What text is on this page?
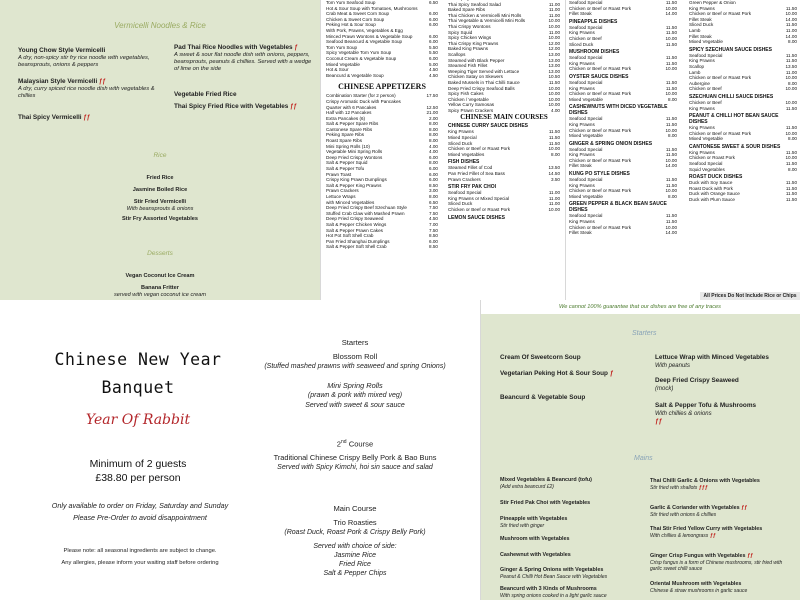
Vermicelli Noodles & Rice
Young Chow Style Vermicelli
A dry, non-spicy stir fry rice noodle with vegetables, beansprouts, onions & peppers
Malaysian Style Vermicelli ƒƒ
A dry, curry spiced rice noodle dish with vegetables & chillies
Thai Spicy Vermicelli ƒƒ
Pad Thai Rice Noodles with Vegetables ƒ
A sweet & sour flat noodle dish with onions, peppers, beansprouts, peanuts & chillies. Served with a wedge of lime on the side
Vegetable Fried Rice
Thai Spicy Fried Rice with Vegetables ƒƒ
Rice
Fried Rice
Jasmine Boiled Rice
Stir Fried Vermicelli
With beansprouts & onions
Stir Fry Assorted Vegetables
Desserts
Vegan Coconut Ice Cream
Banana Fritter
served with vegan coconut ice cream
Tom Yum Seafood Soup	6.50
Hot & Sour Soup with Tomatoes, Mushrooms
Crab Meat & Sweet Corn Soup	6.00
Chicken & Sweet Corn Soup	6.00
Peking Hot & Sour Soup	6.00
With Pork, Prawns, Vegetables & Egg
Minced Prawn Wontons & Vegetable Soup	6.00
Seafood Beancurd & Vegetable Soup	6.00
Tom Yum Soup	5.50
Spicy Vegetable Tom Yum Soup	5.50
Coconut Cream & Vegetable Soup	6.00
Mixed Vegetable	5.00
Hot & Sour	4.50
Beancurd & Vegetable Soup	4.50
CHINESE APPETIZERS
Combination Starter (for 2 person)	17.50
Crispy Aromatic Duck with Pancakes
Quarter with 6 Pancakes	12.50
Half with 12 Pancakes	21.00
Extra Pancakes (6)	2.00
Salt & Pepper Spare Ribs	8.00
Cantonese Spare Ribs	8.00
Peking Spare Ribs	8.00
Roast Spare Ribs	8.00
Mini Spring Rolls (10)	4.00
Vegetable Mini Spring Rolls	4.00
Deep Fried Crispy Wontons	6.00
Salt & Pepper Squid	8.00
Salt & Pepper Tofu	6.00
Prawn Toast	6.00
Crispy King Prawn Dumplings	6.00
Salt & Pepper King Prawns	8.50
Prawn Crackers	3.00
Lettuce Wraps	8.00
with Minced Vegetables	6.50
Deep Fried Crispy Beef Szechuan Style	7.50
Stuffed Crab Claw with Mashed Prawn	7.50
Deep Fried Crispy Seaweed	4.50
Salt & Pepper Chicken Wings	7.00
Salt & Pepper Prawn Cakes	7.50
Hot Pot Soft Shell Crab	8.50
Pan Fried Shanghai Dumplings	6.00
Salt & Pepper Soft Shell Crab	8.50
Thai Spicy Seafood Salad	11.00
Baked Spare Ribs	11.00
Thai Chicken & Vermicelli Mini Rolls	11.00
Thai Vegetable & Vermicelli Mini Rolls	10.00
Thai Crispy Wontons	10.00
Spicy Squid	11.00
Spicy Chicken Wings	10.00
Thai Crispy King Prawns	12.00
Baked King Prawns	12.00
Scallops	13.00
Steamed with Black Pepper	13.00
Steamed Fish Fillet	13.00
Weeping Tiger Served with Lettuce	13.00
Chicken Satay on Skewers	10.50
Baked Mussels in Thai Chilli Sauce	11.50
Deep Fried Crispy Seafood Balls	10.00
Spicy Fish Cakes	10.00
Chicken / Vegetable	10.00
Yellow Curry Samosas	10.00
Spicy Prawn Crackers	4.00
CHINESE MAIN COURSES
CHINESE CURRY SAUCE DISHES
King Prawns	11.50
Mixed Special	11.50
Sliced Duck	11.50
Chicken or Beef or Roast Pork	10.00
Mixed Vegetables	8.00
FISH DISHES
Steamed Fillet of Cod	13.50
Pan Fried Fillet of Sea Bass	14.50
Prawn Crackers	3.50
STIR FRY PAK CHOI
Seafood Special	11.00
King Prawns or Mixed Special	11.00
Sliced Duck	11.00
Chicken or Beef or Roast Pork	10.00
LEMON SAUCE DISHES
Seafood Special	11.50
Chicken or Beef or Roast Pork	10.00
Fillet Steak	14.00
PINEAPPLE DISHES
Seafood Special	11.50
King Prawns	11.50
Chicken or Beef	10.00
Sliced Duck	11.50
MUSHROOM DISHES
Seafood Special	11.50
King Prawns	11.50
Chicken or Beef or Roast Pork	10.00
OYSTER SAUCE DISHES
Seafood Special	11.50
King Prawns	11.50
Chicken or Beef or Roast Pork	10.00
Mixed Vegetable	8.00
CASHEWNUTS WITH DICED VEGETABLE DISHES
Seafood Special	11.50
King Prawns	11.50
Chicken or Beef or Roast Pork	10.00
Mixed Vegetable	8.00
GINGER & SPRING ONION DISHES
Seafood Special	11.50
King Prawns	11.50
Chicken or Beef or Roast Pork	10.00
Fillet Steak	14.00
KUNG PO STYLE DISHES
Seafood Special	11.50
King Prawns	11.50
Chicken or Beef or Roast Pork	10.00
Mixed Vegetable	8.00
GREEN PEPPER & BLACK BEAN SAUCE DISHES
Seafood Special	11.50
King Prawns	11.50
Chicken or Beef or Roast Pork	10.00
Fillet Steak	14.00
Green Pepper & Onion
King Prawns	11.50
Chicken or Beef or Roast Pork	10.00
Fillet Steak	14.00
Sliced Duck	11.50
Lamb	11.00
Fillet Steak	14.00
Mixed Vegetable	8.00
SPICY SZECHUAN SAUCE DISHES
Seafood Special	11.50
King Prawns	11.50
Scallop	13.50
Lamb	11.00
Chicken or Beef or Roast Pork	10.00
Aubergine	8.00
Chicken or Beef	10.00
SZECHUAN CHILLI SAUCE DISHES
Chicken or Beef	10.00
King Prawns	11.50
PEANUT & CHILLI HOT BEAN SAUCE DISHES
King Prawns	11.50
Chicken or Beef or Roast Pork	10.00
Mixed Vegetable	8.00
CANTONESE SWEET & SOUR DISHES
King Prawns	11.50
Chicken or Roast Pork	10.00
Seafood Special	11.50
Squid Vegetables	8.00
ROAST DUCK DISHES
Duck with Soy Sauce	11.50
Roast Duck with Pork	11.50
Duck with Orange Sauce	11.50
Duck with Plum Sauce	11.50
All Prices Do Not Include Rice or Chips
Chinese New Year
Banquet
Year Of Rabbit
Minimum of 2 guests
£38.80 per person
Only available to order on Friday, Saturday and Sunday
Please Pre-Order to avoid disappointment
Please note: all seasonal ingredients are subject to change.
Any allergies, please inform your waiting staff before ordering
Starters
Blossom Roll
(Stuffed mashed prawns with seaweed and spring Onions)
Mini Spring Rolls
(prawn & pork with mixed veg)
Served with sweet & sour sauce
2nd Course
Traditional Chinese Crispy Belly Pork & Bao Buns
Served with Spicy Kimchi, hoi sin sauce and salad
Main Course
Trio Roasties
(Roast Duck, Roast Pork & Crispy Belly Pork)
Served with choice of side:
Jasmine Rice
Fried Rice
Salt & Pepper Chips
We cannot 100% guarantee that our dishes are free of any traces
Starters
Cream Of Sweetcorn Soup
Vegetarian Peking Hot & Sour Soup ƒ
Beancurd & Vegetable Soup
Lettuce Wrap with Minced Vegetables
With peanuts
Deep Fried Crispy Seaweed
(mock)
Salt & Pepper Tofu & Mushrooms
With chillies & onions
ƒƒ
Mains
Mixed Vegetables & Beancurd (tofu)
(Add extra beancurd £2)
Stir Fried Pak Choi with Vegetables
Pineapple with Vegetables
Stir fried with ginger
Mushroom with Vegetables
Cashewnut with Vegetables
Ginger & Spring Onions with Vegetables
Peanut & Chilli Hot Bean Sauce with Vegetables
Beancurd with 3 Kinds of Mushrooms
With spring onions cooked in a light garlic sauce
Thai Chilli Garlic & Onions with Vegetables
Stir fried with shallots ƒƒƒ
Garlic & Coriander with Vegetables ƒƒ
Stir fried with onions & chillies
Thai Stir Fried Yellow Curry with Vegetables
With chillies & lemongrass ƒƒ
Ginger Crisp Fungus with Vegetables ƒƒ
Crisp fungus is a form of Chinese mushrooms, stir fried with garlic sweet chilli sauce
Oriental Mushroom with Vegetables
Chinese & straw mushrooms in garlic sauce
